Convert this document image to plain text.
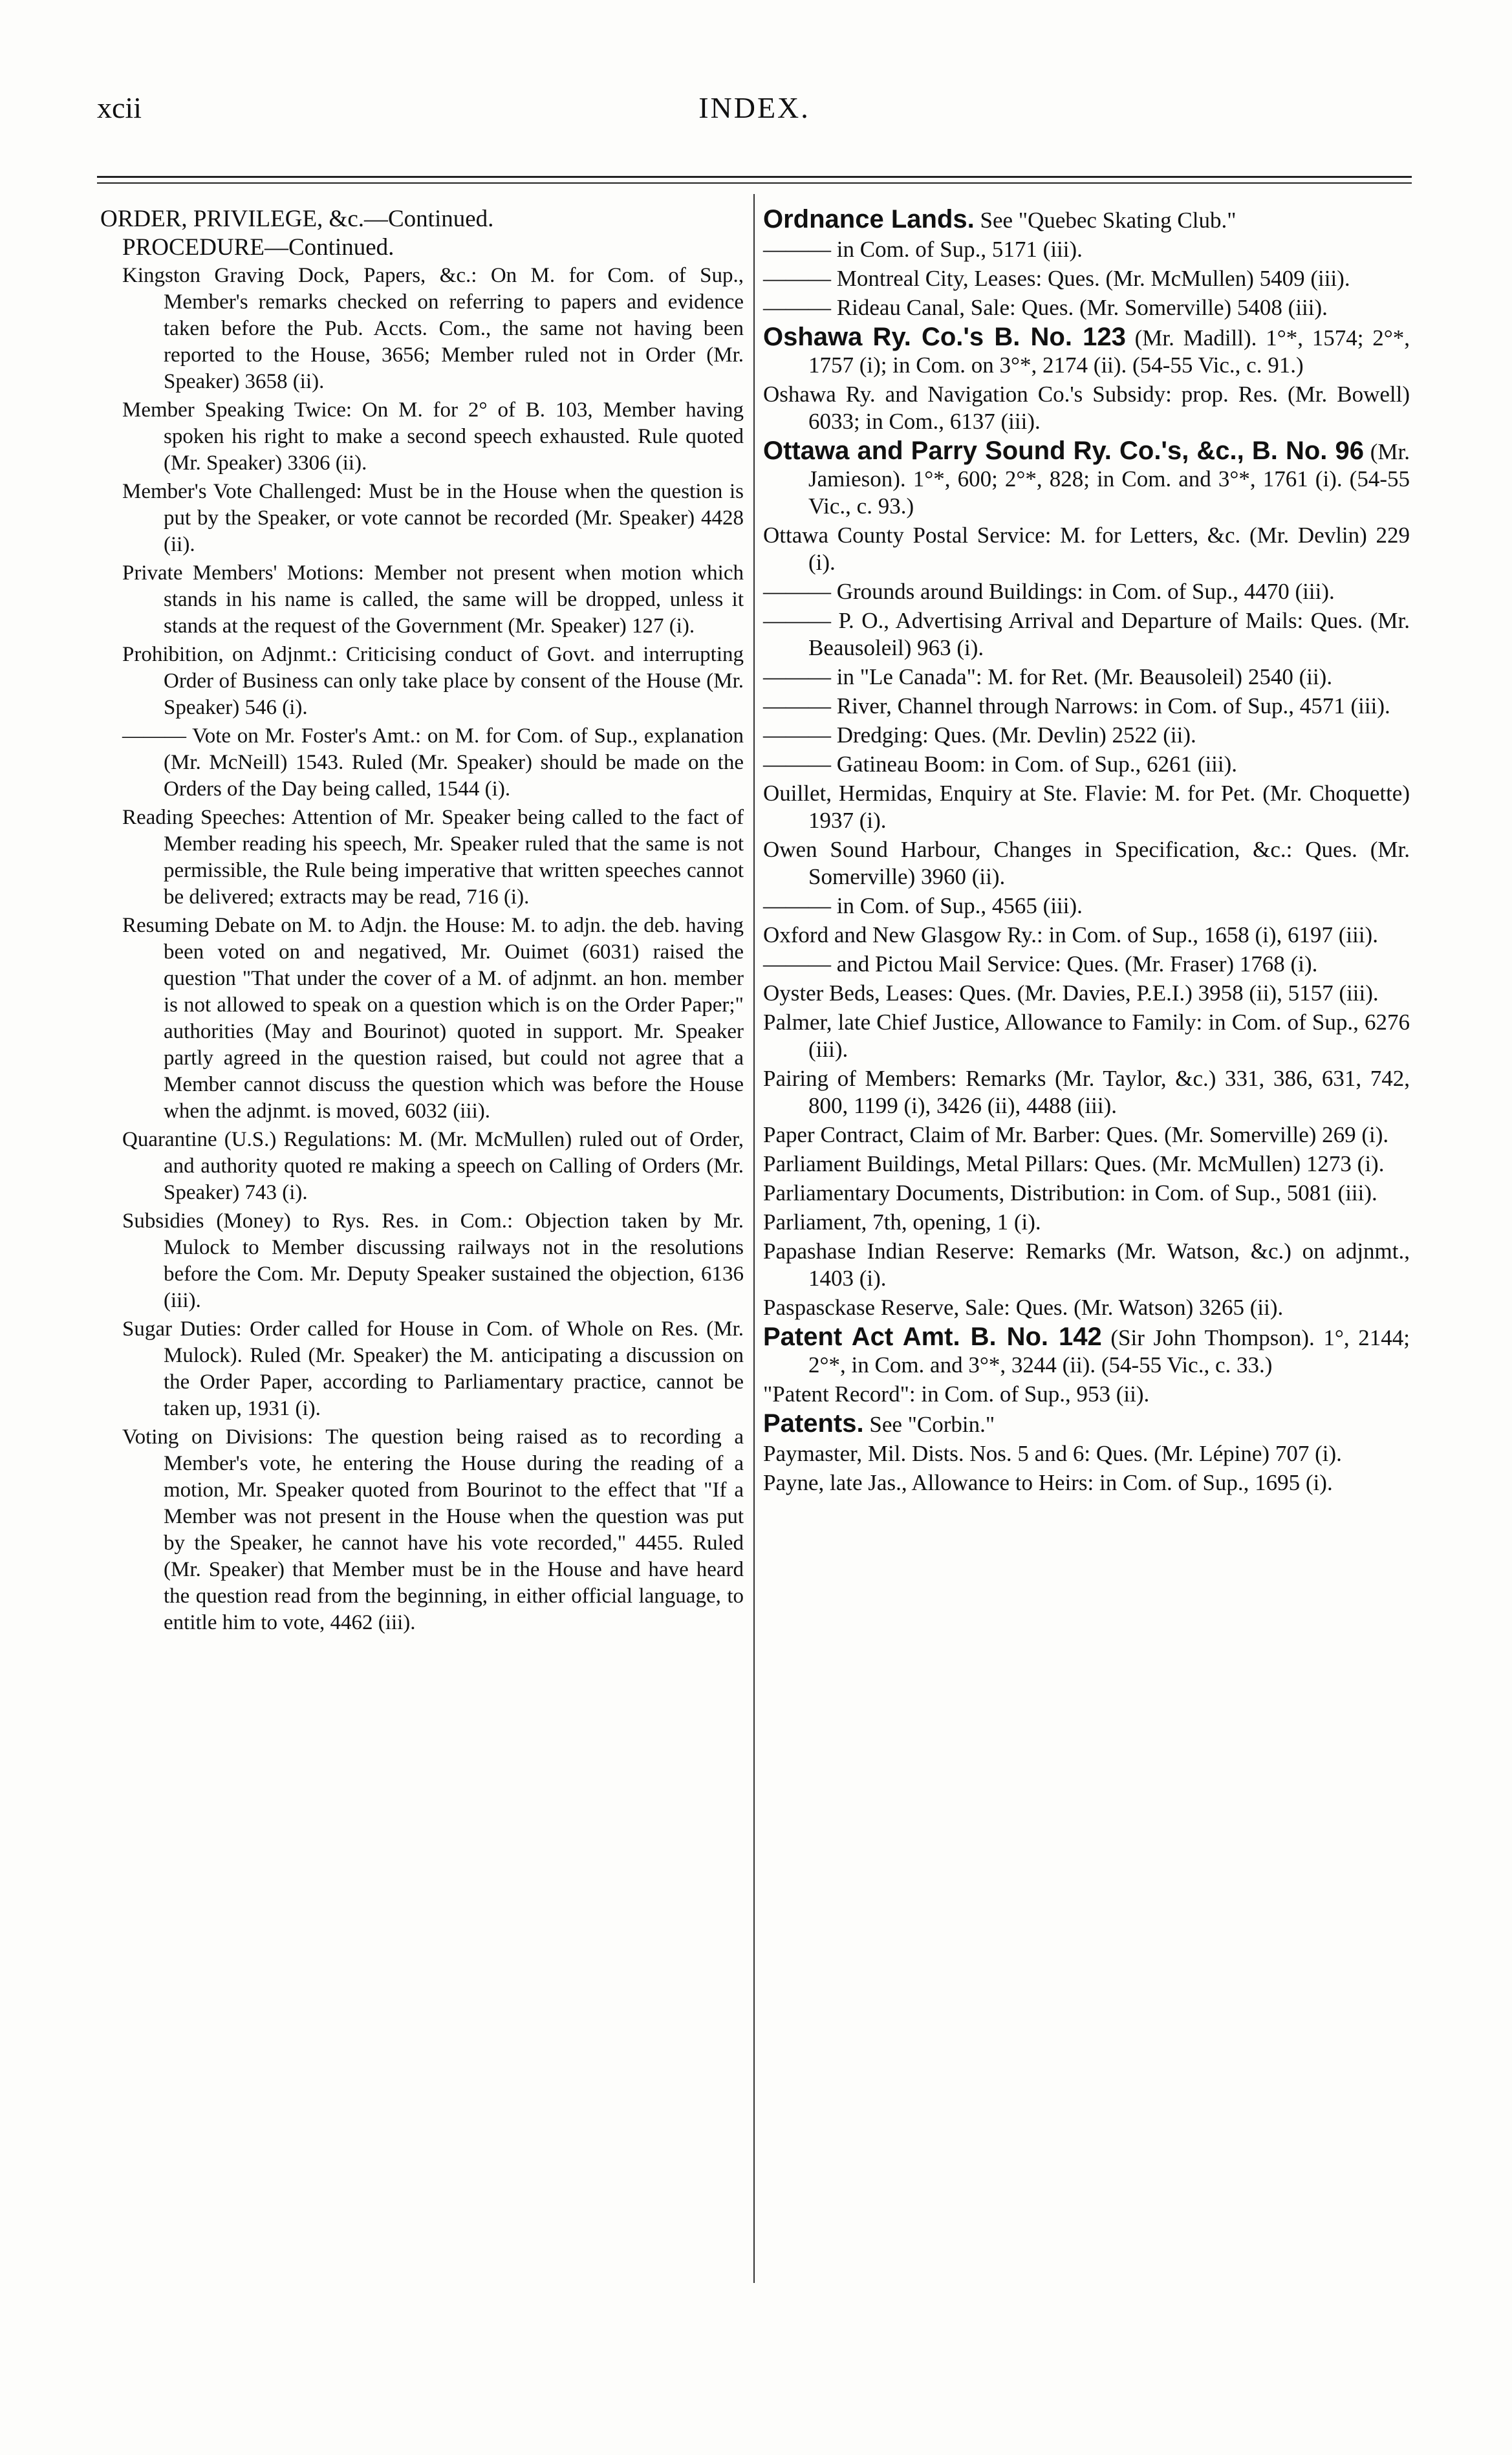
xcii	INDEX.

ORDER, PRIVILEGE, &c.—Continued.

PROCEDURE—Continued.

Kingston Graving Dock, Papers, &c.: On M. for Com. of Sup., Member's remarks checked on referring to papers and evidence taken before the Pub. Accts. Com., the same not having been reported to the House, 3656; Member ruled not in Order (Mr. Speaker) 3658 (ii).

Member Speaking Twice: On M. for 2° of B. 103, Member having spoken his right to make a second speech exhausted. Rule quoted (Mr. Speaker) 3306 (ii).

Member's Vote Challenged: Must be in the House when the question is put by the Speaker, or vote cannot be recorded (Mr. Speaker) 4428 (ii).

Private Members' Motions: Member not present when motion which stands in his name is called, the same will be dropped, unless it stands at the request of the Government (Mr. Speaker) 127 (i).

Prohibition, on Adjnmt.: Criticising conduct of Govt. and interrupting Order of Business can only take place by consent of the House (Mr. Speaker) 546 (i).

——— Vote on Mr. Foster's Amt.: on M. for Com. of Sup., explanation (Mr. McNeill) 1543. Ruled (Mr. Speaker) should be made on the Orders of the Day being called, 1544 (i).

Reading Speeches: Attention of Mr. Speaker being called to the fact of Member reading his speech, Mr. Speaker ruled that the same is not permissible, the Rule being imperative that written speeches cannot be delivered; extracts may be read, 716 (i).

Resuming Debate on M. to Adjn. the House: M. to adjn. the deb. having been voted on and negatived, Mr. Ouimet (6031) raised the question "That under the cover of a M. of adjnmt. an hon. member is not allowed to speak on a question which is on the Order Paper;" authorities (May and Bourinot) quoted in support. Mr. Speaker partly agreed in the question raised, but could not agree that a Member cannot discuss the question which was before the House when the adjnmt. is moved, 6032 (iii).

Quarantine (U.S.) Regulations: M. (Mr. McMullen) ruled out of Order, and authority quoted re making a speech on Calling of Orders (Mr. Speaker) 743 (i).

Subsidies (Money) to Rys. Res. in Com.: Objection taken by Mr. Mulock to Member discussing railways not in the resolutions before the Com. Mr. Deputy Speaker sustained the objection, 6136 (iii).

Sugar Duties: Order called for House in Com. of Whole on Res. (Mr. Mulock). Ruled (Mr. Speaker) the M. anticipating a discussion on the Order Paper, according to Parliamentary practice, cannot be taken up, 1931 (i).

Voting on Divisions: The question being raised as to recording a Member's vote, he entering the House during the reading of a motion, Mr. Speaker quoted from Bourinot to the effect that "If a Member was not present in the House when the question was put by the Speaker, he cannot have his vote recorded," 4455. Ruled (Mr. Speaker) that Member must be in the House and have heard the question read from the beginning, in either official language, to entitle him to vote, 4462 (iii).

Ordnance Lands. See "Quebec Skating Club."

——— in Com. of Sup., 5171 (iii).

——— Montreal City, Leases: Ques. (Mr. McMullen) 5409 (iii).

——— Rideau Canal, Sale: Ques. (Mr. Somerville) 5408 (iii).

Oshawa Ry. Co.'s B. No. 123 (Mr. Madill). 1°*, 1574; 2°*, 1757 (i); in Com. on 3°*, 2174 (ii). (54-55 Vic., c. 91.)

Oshawa Ry. and Navigation Co.'s Subsidy: prop. Res. (Mr. Bowell) 6033; in Com., 6137 (iii).

Ottawa and Parry Sound Ry. Co.'s, &c., B. No. 96 (Mr. Jamieson). 1°*, 600; 2°*, 828; in Com. and 3°*, 1761 (i). (54-55 Vic., c. 93.)

Ottawa County Postal Service: M. for Letters, &c. (Mr. Devlin) 229 (i).

——— Grounds around Buildings: in Com. of Sup., 4470 (iii).

——— P. O., Advertising Arrival and Departure of Mails: Ques. (Mr. Beausoleil) 963 (i).

——— in "Le Canada": M. for Ret. (Mr. Beausoleil) 2540 (ii).

——— River, Channel through Narrows: in Com. of Sup., 4571 (iii).

——— Dredging: Ques. (Mr. Devlin) 2522 (ii).

——— Gatineau Boom: in Com. of Sup., 6261 (iii).

Ouillet, Hermidas, Enquiry at Ste. Flavie: M. for Pet. (Mr. Choquette) 1937 (i).

Owen Sound Harbour, Changes in Specification, &c.: Ques. (Mr. Somerville) 3960 (ii).

——— in Com. of Sup., 4565 (iii).

Oxford and New Glasgow Ry.: in Com. of Sup., 1658 (i), 6197 (iii).

——— and Pictou Mail Service: Ques. (Mr. Fraser) 1768 (i).

Oyster Beds, Leases: Ques. (Mr. Davies, P.E.I.) 3958 (ii), 5157 (iii).

Palmer, late Chief Justice, Allowance to Family: in Com. of Sup., 6276 (iii).

Pairing of Members: Remarks (Mr. Taylor, &c.) 331, 386, 631, 742, 800, 1199 (i), 3426 (ii), 4488 (iii).

Paper Contract, Claim of Mr. Barber: Ques. (Mr. Somerville) 269 (i).

Parliament Buildings, Metal Pillars: Ques. (Mr. McMullen) 1273 (i).

Parliamentary Documents, Distribution: in Com. of Sup., 5081 (iii).

Parliament, 7th, opening, 1 (i).

Papashase Indian Reserve: Remarks (Mr. Watson, &c.) on adjnmt., 1403 (i).

Paspasckase Reserve, Sale: Ques. (Mr. Watson) 3265 (ii).

Patent Act Amt. B. No. 142 (Sir John Thompson). 1°, 2144; 2°*, in Com. and 3°*, 3244 (ii). (54-55 Vic., c. 33.)

"Patent Record": in Com. of Sup., 953 (ii).

Patents. See "Corbin."

Paymaster, Mil. Dists. Nos. 5 and 6: Ques. (Mr. Lépine) 707 (i).

Payne, late Jas., Allowance to Heirs: in Com. of Sup., 1695 (i).
